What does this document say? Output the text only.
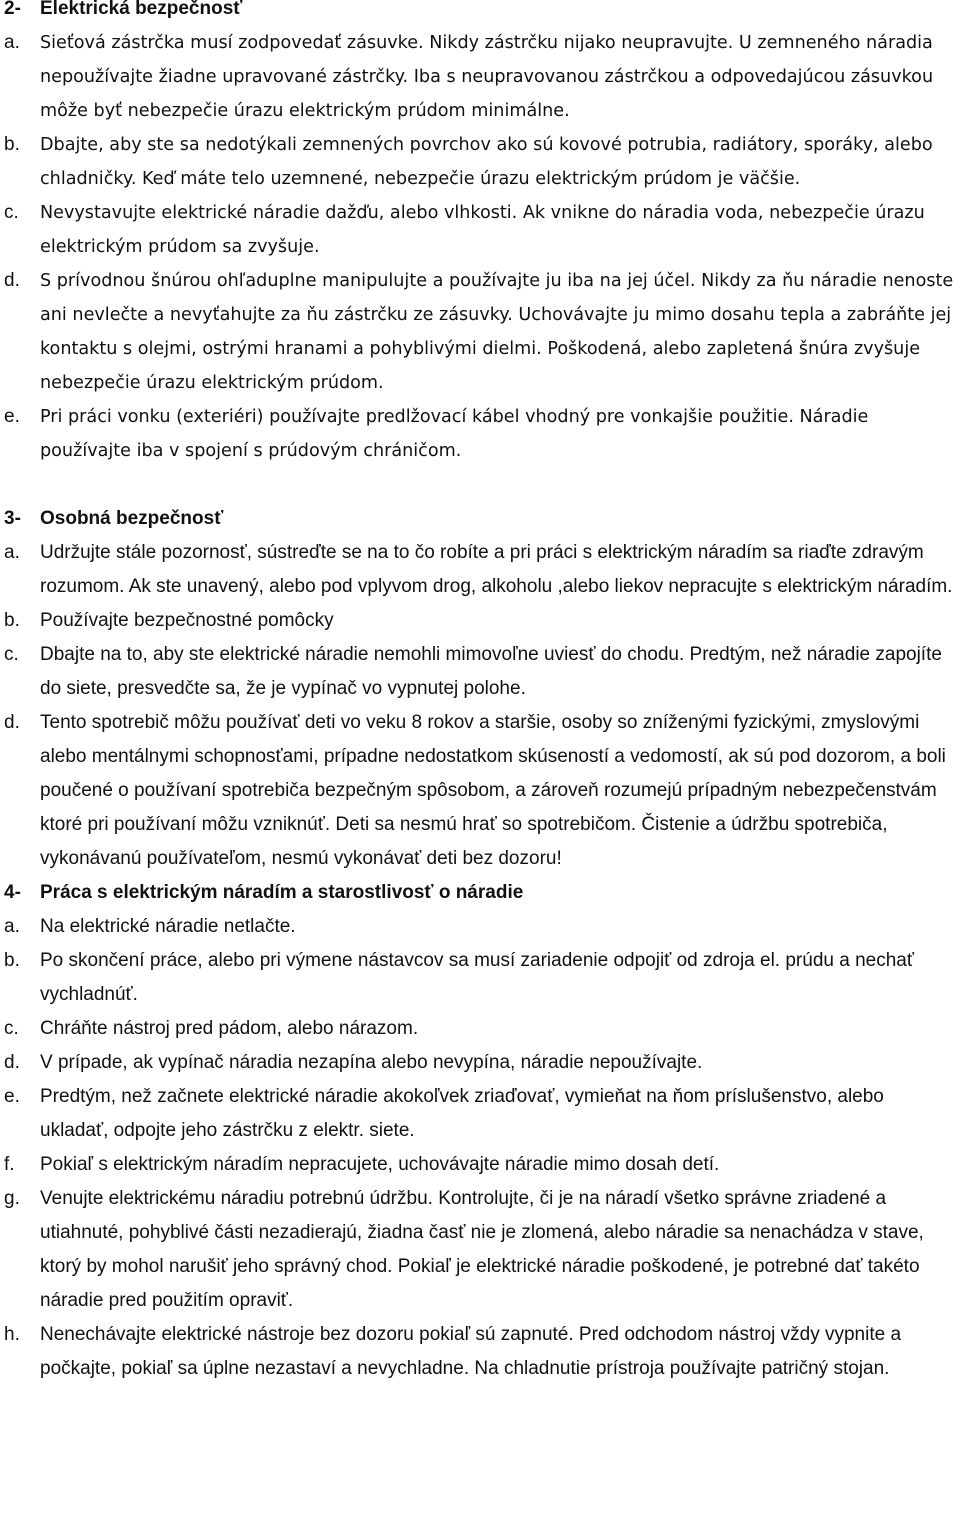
2-	Elektrická bezpečnosť
a.	Sieťová zástrčka musí zodpovedať zásuvke. Nikdy zástrčku nijako neupravujte. U zemneného náradia nepoužívajte žiadne upravované zástrčky. Iba s neupravovanou zástrčkou a odpovedajúcou zásuvkou môže byť nebezpečie úrazu elektrickým prúdom minimálne.
b.	Dbajte, aby ste sa nedotýkali zemnených povrchov ako sú kovové potrubia, radiátory, sporáky, alebo chladničky. Keď máte telo uzemnené, nebezpečie úrazu elektrickým prúdom je väčšie.
c.	Nevystavujte elektrické náradie dažďu, alebo vlhkosti. Ak vnikne do náradia voda, nebezpečie úrazu elektrickým prúdom sa zvyšuje.
d.	S prívodnou šnúrou ohľaduplne manipulujte a používajte ju iba na jej účel. Nikdy za ňu náradie nenoste ani nevlečte a nevyťahujte za ňu zástrčku ze zásuvky. Uchovávajte ju mimo dosahu tepla a zabráňte jej kontaktu s olejmi, ostrými hranami a pohyblivými dielmi. Poškodená, alebo zapletená šnúra zvyšuje nebezpečie úrazu elektrickým prúdom.
e.	Pri práci vonku (exteriéri) používajte predlžovací kábel vhodný pre vonkajšie použitie. Náradie používajte iba v spojení s prúdovým chráničom.
3-	Osobná bezpečnosť
a.	Udržujte stále pozornosť, sústreďte se na to čo robíte a pri práci s elektrickým náradím sa riaďte zdravým rozumom. Ak ste unavený, alebo pod vplyvom drog, alkoholu ,alebo liekov nepracujte s elektrickým náradím.
b.	Používajte bezpečnostné pomôcky
c.	Dbajte na to, aby ste elektrické náradie nemohli mimovoľne uviesť do chodu. Predtým, než náradie zapojíte do siete, presvedčte sa, že je vypínač vo vypnutej polohe.
d.	Tento spotrebič môžu používať deti vo veku 8 rokov a staršie, osoby so zníženými fyzickými, zmyslovými alebo mentálnymi schopnosťami, prípadne nedostatkom skúseností a vedomostí, ak sú pod dozorom, a boli poučené o používaní spotrebiča bezpečným spôsobom, a zároveň rozumejú prípadným nebezpečenstvám ktoré pri používaní môžu vzniknúť. Deti sa nesmú hrať so spotrebičom. Čistenie a údržbu spotrebiča, vykonávanú používateľom, nesmú vykonávať deti bez dozoru!
4-	Práca s elektrickým náradím a starostlivosť o náradie
a.	Na elektrické náradie netlačte.
b.	Po skončení práce, alebo pri výmene nástavcov sa musí zariadenie odpojiť od zdroja el. prúdu a nechať vychladnúť.
c.	Chráňte nástroj pred pádom, alebo nárazom.
d.	V prípade, ak vypínač náradia nezapína alebo nevypína, náradie nepoužívajte.
e.	Predtým, než začnete elektrické náradie akokoľvek zriaďovať, vymieňat na ňom príslušenstvo, alebo ukladať, odpojte jeho zástrčku z elektr. siete.
f.	Pokiaľ s elektrickým náradím nepracujete, uchovávajte náradie mimo dosah detí.
g.	Venujte elektrickému náradiu potrebnú údržbu. Kontrolujte, či je na náradí všetko správne zriadené a utiahnuté, pohyblivé části nezadierajú, žiadna časť nie je zlomená, alebo náradie sa nenachádza v stave, ktorý by mohol narušiť jeho správný chod. Pokiaľ je elektrické náradie poškodené, je potrebné dať takéto náradie pred použitím opraviť.
h.	Nenechávajte elektrické nástroje bez dozoru pokiaľ sú zapnuté. Pred odchodom nástroj vždy vypnite a počkajte, pokiaľ sa úplne nezastaví a nevychladne. Na chladnutie prístroja používajte patričný stojan.
